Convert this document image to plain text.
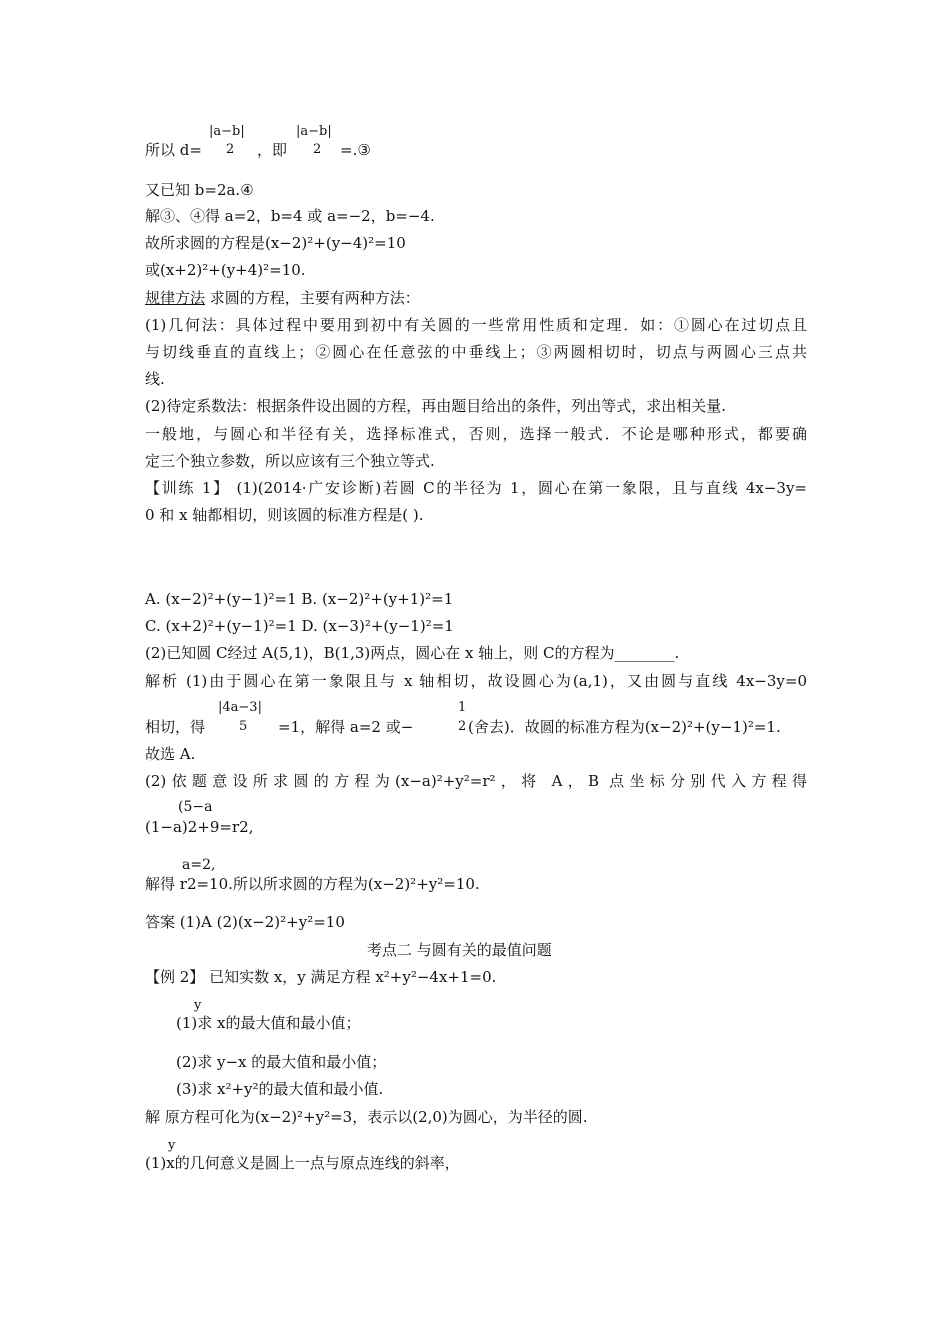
所以 d=
|a−b|
2 ，即
|a−b|
2 =.③
又已知 b=2a.④
解③、④得 a=2，b=4 或 a=−2，b=−4.
故所求圆的方程是(x−2)²+(y−4)²=10
或(x+2)²+(y+4)²=10.
规律方法 求圆的方程，主要有两种方法：
(1)几何法：具体过程中要用到初中有关圆的一些常用性质和定理．如：①圆心在过切点且
与切线垂直的直线上；②圆心在任意弦的中垂线上；③两圆相切时，切点与两圆心三点共
线.
(2)待定系数法：根据条件设出圆的方程，再由题目给出的条件，列出等式，求出相关量.
一般地，与圆心和半径有关，选择标准式，否则，选择一般式．不论是哪种形式，都要确
定三个独立参数，所以应该有三个独立等式.
【训练 1】 (1)(2014·广安诊断)若圆 C的半径为 1，圆心在第一象限，且与直线 4x−3y=
0 和 x 轴都相切，则该圆的标准方程是( ).
A. (x−2)²+(y−1)²=1 B. (x−2)²+(y+1)²=1
C. (x+2)²+(y−1)²=1 D. (x−3)²+(y−1)²=1
(2)已知圆 C经过 A(5,1)，B(1,3)两点，圆心在 x 轴上，则 C的方程为________.
解析 (1)由于圆心在第一象限且与 x 轴相切，故设圆心为(a,1)，又由圆与直线 4x−3y=0
相切，得
|4a−3|
5 =1，解得 a=2 或−
1
2 (舍去)．故圆的标准方程为(x−2)²+(y−1)²=1.
故选 A.
(2)依题意设所求圆的方程为(x−a)²+y²=r²，将 A，B 点坐标分别代入方程得
(5−a
(1−a)2+9=r2,
a=2,
解得 r2=10.所以所求圆的方程为(x−2)²+y²=10.
答案 (1)A (2)(x−2)²+y²=10
考点二 与圆有关的最值问题
【例 2】 已知实数 x，y 满足方程 x²+y²−4x+1=0.
y
(1)求 x的最大值和最小值；
(2)求 y−x 的最大值和最小值；
(3)求 x²+y²的最大值和最小值.
解 原方程可化为(x−2)²+y²=3，表示以(2,0)为圆心，为半径的圆.
y
(1)x的几何意义是圆上一点与原点连线的斜率，
